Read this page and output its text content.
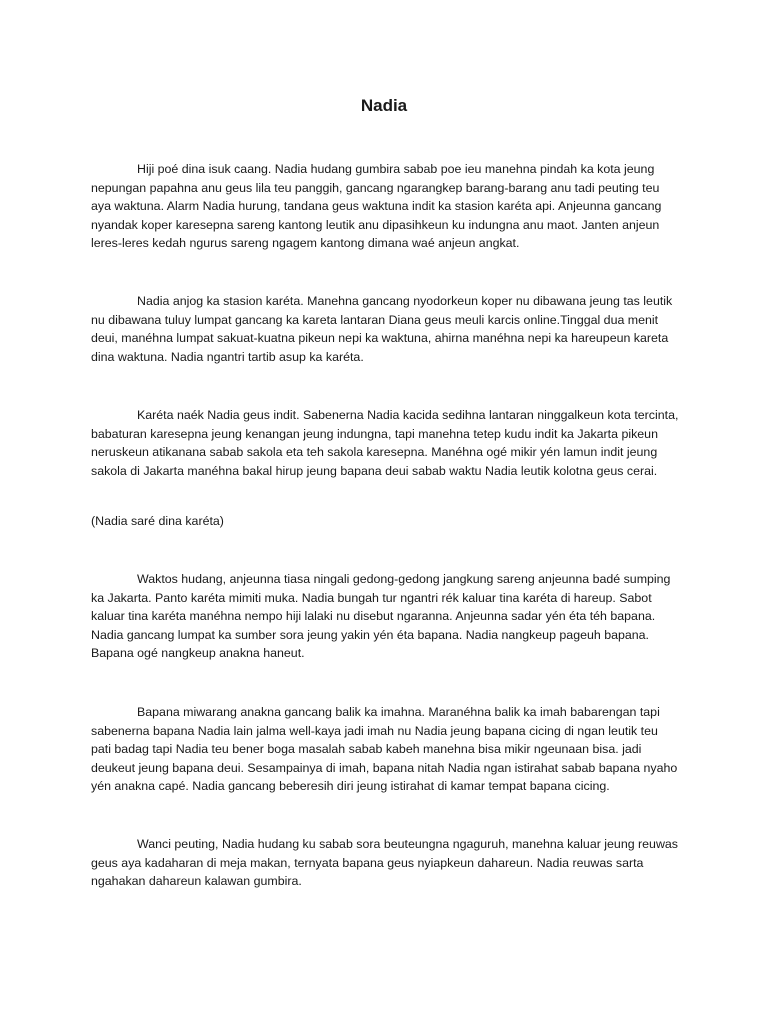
Nadia

Hiji poé dina isuk caang. Nadia hudang gumbira sabab poe ieu manehna pindah ka kota jeung nepungan papahna anu geus lila teu panggih, gancang ngarangkep barang-barang anu tadi peuting teu aya waktuna. Alarm Nadia hurung, tandana geus waktuna indit ka stasion karéta api. Anjeunna gancang nyandak koper karesepna sareng kantong leutik anu dipasihkeun ku indungna anu maot. Janten anjeun leres-leres kedah ngurus sareng ngagem kantong dimana waé anjeun angkat.

Nadia anjog ka stasion karéta. Manehna gancang nyodorkeun koper nu dibawana jeung tas leutik nu dibawana tuluy lumpat gancang ka kareta lantaran Diana geus meuli karcis online.Tinggal dua menit deui, manéhna lumpat sakuat-kuatna pikeun nepi ka waktuna, ahirna manéhna nepi ka hareupeun kareta dina waktuna. Nadia ngantri tartib asup ka karéta.

Karéta naék Nadia geus indit. Sabenerna Nadia kacida sedihna lantaran ninggalkeun kota tercinta, babaturan karesepna jeung kenangan jeung indungna, tapi manehna tetep kudu indit ka Jakarta pikeun neruskeun atikanana sabab sakola eta teh sakola karesepna. Manéhna ogé mikir yén lamun indit jeung sakola di Jakarta manéhna bakal hirup jeung bapana deui sabab waktu Nadia leutik kolotna geus cerai.

(Nadia saré dina karéta)

Waktos hudang, anjeunna tiasa ningali gedong-gedong jangkung sareng anjeunna badé sumping ka Jakarta. Panto karéta mimiti muka. Nadia bungah tur ngantri rék kaluar tina karéta di hareup. Sabot kaluar tina karéta manéhna nempo hiji lalaki nu disebut ngaranna. Anjeunna sadar yén éta téh bapana. Nadia gancang lumpat ka sumber sora jeung yakin yén éta bapana. Nadia nangkeup pageuh bapana. Bapana ogé nangkeup anakna haneut.

Bapana miwarang anakna gancang balik ka imahna. Maranéhna balik ka imah babarengan tapi sabenerna bapana Nadia lain jalma well-kaya jadi imah nu Nadia jeung bapana cicing di ngan leutik teu pati badag tapi Nadia teu bener boga masalah sabab kabeh manehna bisa mikir ngeunaan bisa. jadi deukeut jeung bapana deui. Sesampainya di imah, bapana nitah Nadia ngan istirahat sabab bapana nyaho yén anakna capé. Nadia gancang beberesih diri jeung istirahat di kamar tempat bapana cicing.

Wanci peuting, Nadia hudang ku sabab sora beuteungna ngaguruh, manehna kaluar jeung reuwas geus aya kadaharan di meja makan, ternyata bapana geus nyiapkeun dahareun. Nadia reuwas sarta ngahakan dahareun kalawan gumbira.
